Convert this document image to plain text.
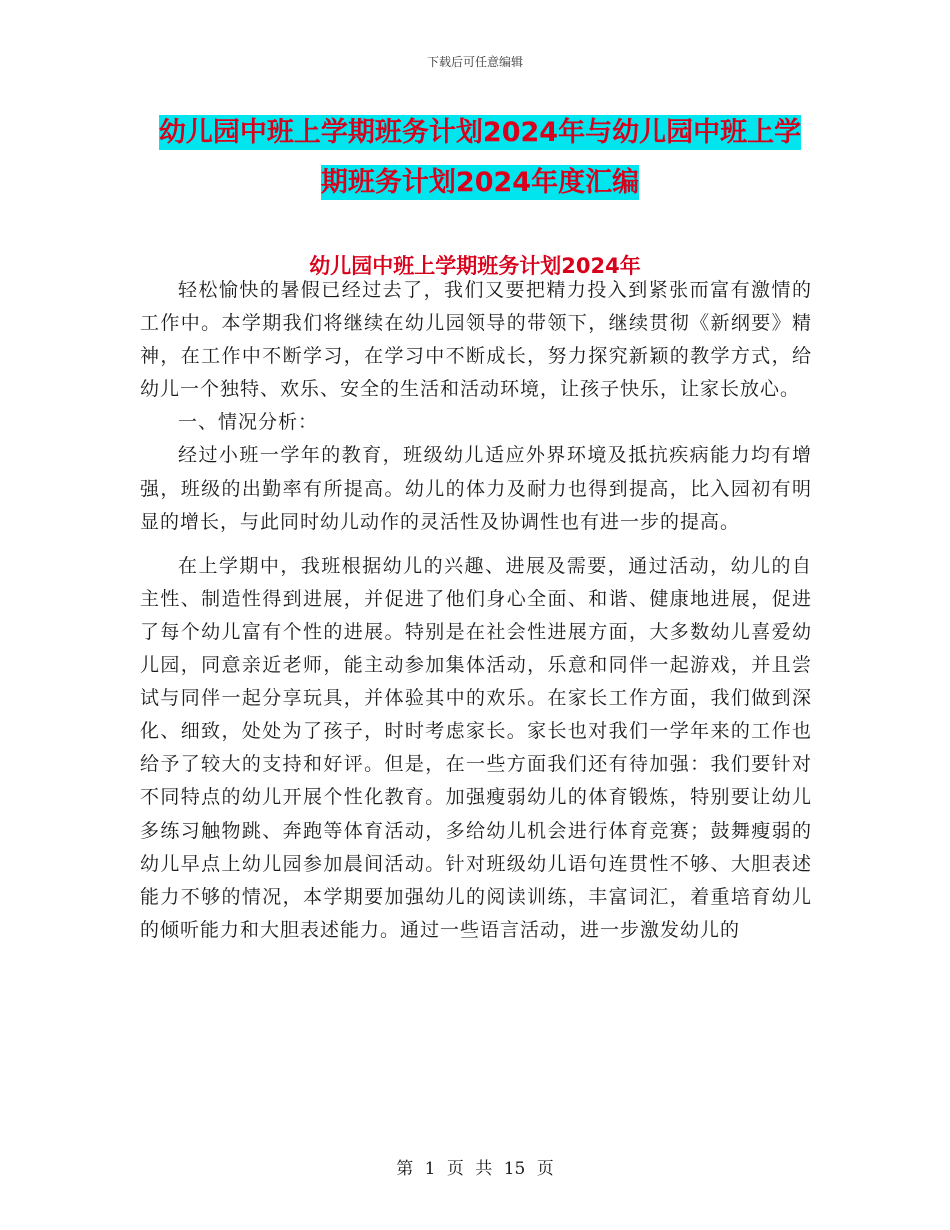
下载后可任意编辑
幼儿园中班上学期班务计划2024年与幼儿园中班上学
期班务计划2024年度汇编
幼儿园中班上学期班务计划2024年

轻松愉快的暑假已经过去了，我们又要把精力投入到紧张而富有激情的工作中。本学期我们将继续在幼儿园领导的带领下，继续贯彻《新纲要》精神，在工作中不断学习，在学习中不断成长，努力探究新颖的教学方式，给幼儿一个独特、欢乐、安全的生活和活动环境，让孩子快乐，让家长放心。

一、情况分析：

经过小班一学年的教育，班级幼儿适应外界环境及抵抗疾病能力均有增强，班级的出勤率有所提高。幼儿的体力及耐力也得到提高，比入园初有明显的增长，与此同时幼儿动作的灵活性及协调性也有进一步的提高。

在上学期中，我班根据幼儿的兴趣、进展及需要，通过活动，幼儿的自主性、制造性得到进展，并促进了他们身心全面、和谐、健康地进展，促进了每个幼儿富有个性的进展。特别是在社会性进展方面，大多数幼儿喜爱幼儿园，同意亲近老师，能主动参加集体活动，乐意和同伴一起游戏，并且尝试与同伴一起分享玩具，并体验其中的欢乐。在家长工作方面，我们做到深化、细致，处处为了孩子，时时考虑家长。家长也对我们一学年来的工作也给予了较大的支持和好评。但是，在一些方面我们还有待加强：我们要针对不同特点的幼儿开展个性化教育。加强瘦弱幼儿的体育锻炼，特别要让幼儿多练习触物跳、奔跑等体育活动，多给幼儿机会进行体育竞赛；鼓舞瘦弱的幼儿早点上幼儿园参加晨间活动。针对班级幼儿语句连贯性不够、大胆表述能力不够的情况，本学期要加强幼儿的阅读训练，丰富词汇，着重培育幼儿的倾听能力和大胆表述能力。通过一些语言活动，进一步激发幼儿的

第 1 页 共 15 页
